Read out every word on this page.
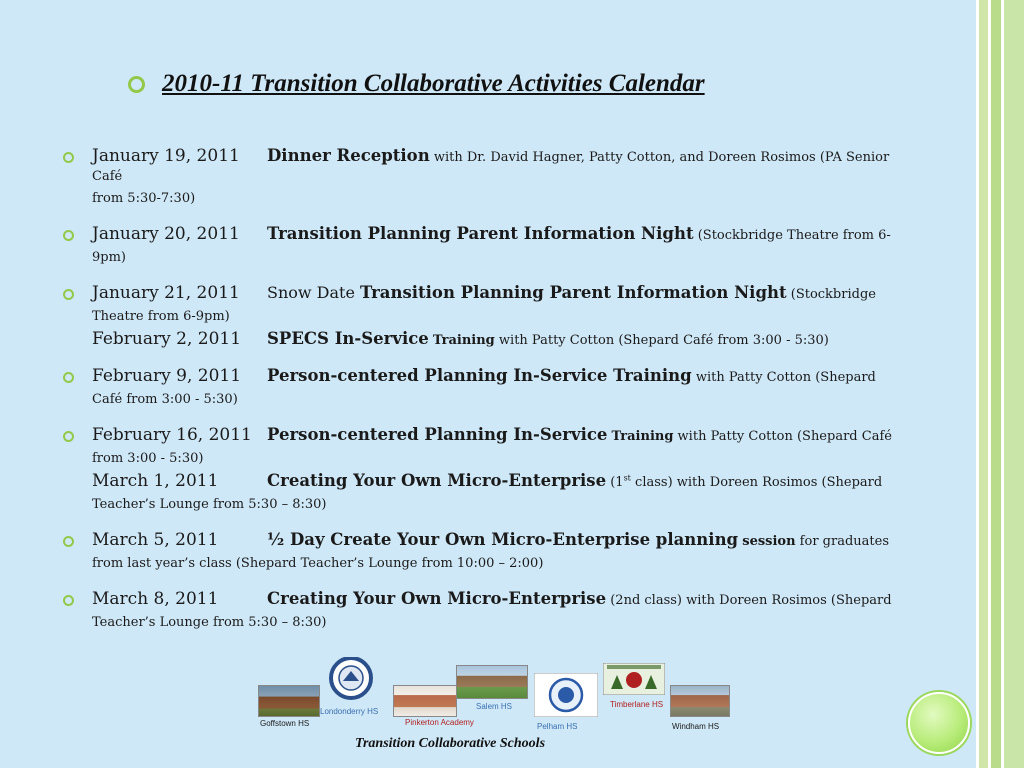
2010-11 Transition Collaborative Activities Calendar
January 19, 2011 Dinner Reception with Dr. David Hagner, Patty Cotton, and Doreen Rosimos (PA Senior Café
from 5:30-7:30)
January 20, 2011 Transition Planning Parent Information Night (Stockbridge Theatre from 6-
9pm)
January 21, 2011 Snow Date Transition Planning Parent Information Night (Stockbridge
Theatre from 6-9pm)
February 2, 2011 SPECS In-Service Training with Patty Cotton (Shepard Café from 3:00 - 5:30)
February 9, 2011 Person-centered Planning In-Service Training with Patty Cotton (Shepard
Café from 3:00 - 5:30)
February 16, 2011 Person-centered Planning In-Service Training with Patty Cotton (Shepard Café
from 3:00 - 5:30)
March 1, 2011	Creating Your Own Micro-Enterprise (1st class) with Doreen Rosimos (Shepard
Teacher’s Lounge from 5:30 – 8:30)
March 5, 2011	½ Day Create Your Own Micro-Enterprise planning session for graduates
from last year’s class (Shepard Teacher’s Lounge from 10:00 – 2:00)
March 8, 2011	Creating Your Own Micro-Enterprise (2nd class) with Doreen Rosimos (Shepard
Teacher’s Lounge from 5:30 – 8:30)
Goffstown HS
Londonderry HS
Pinkerton Academy
Salem HS
Pelham HS
Timberlane HS
Windham HS
Transition Collaborative Schools
